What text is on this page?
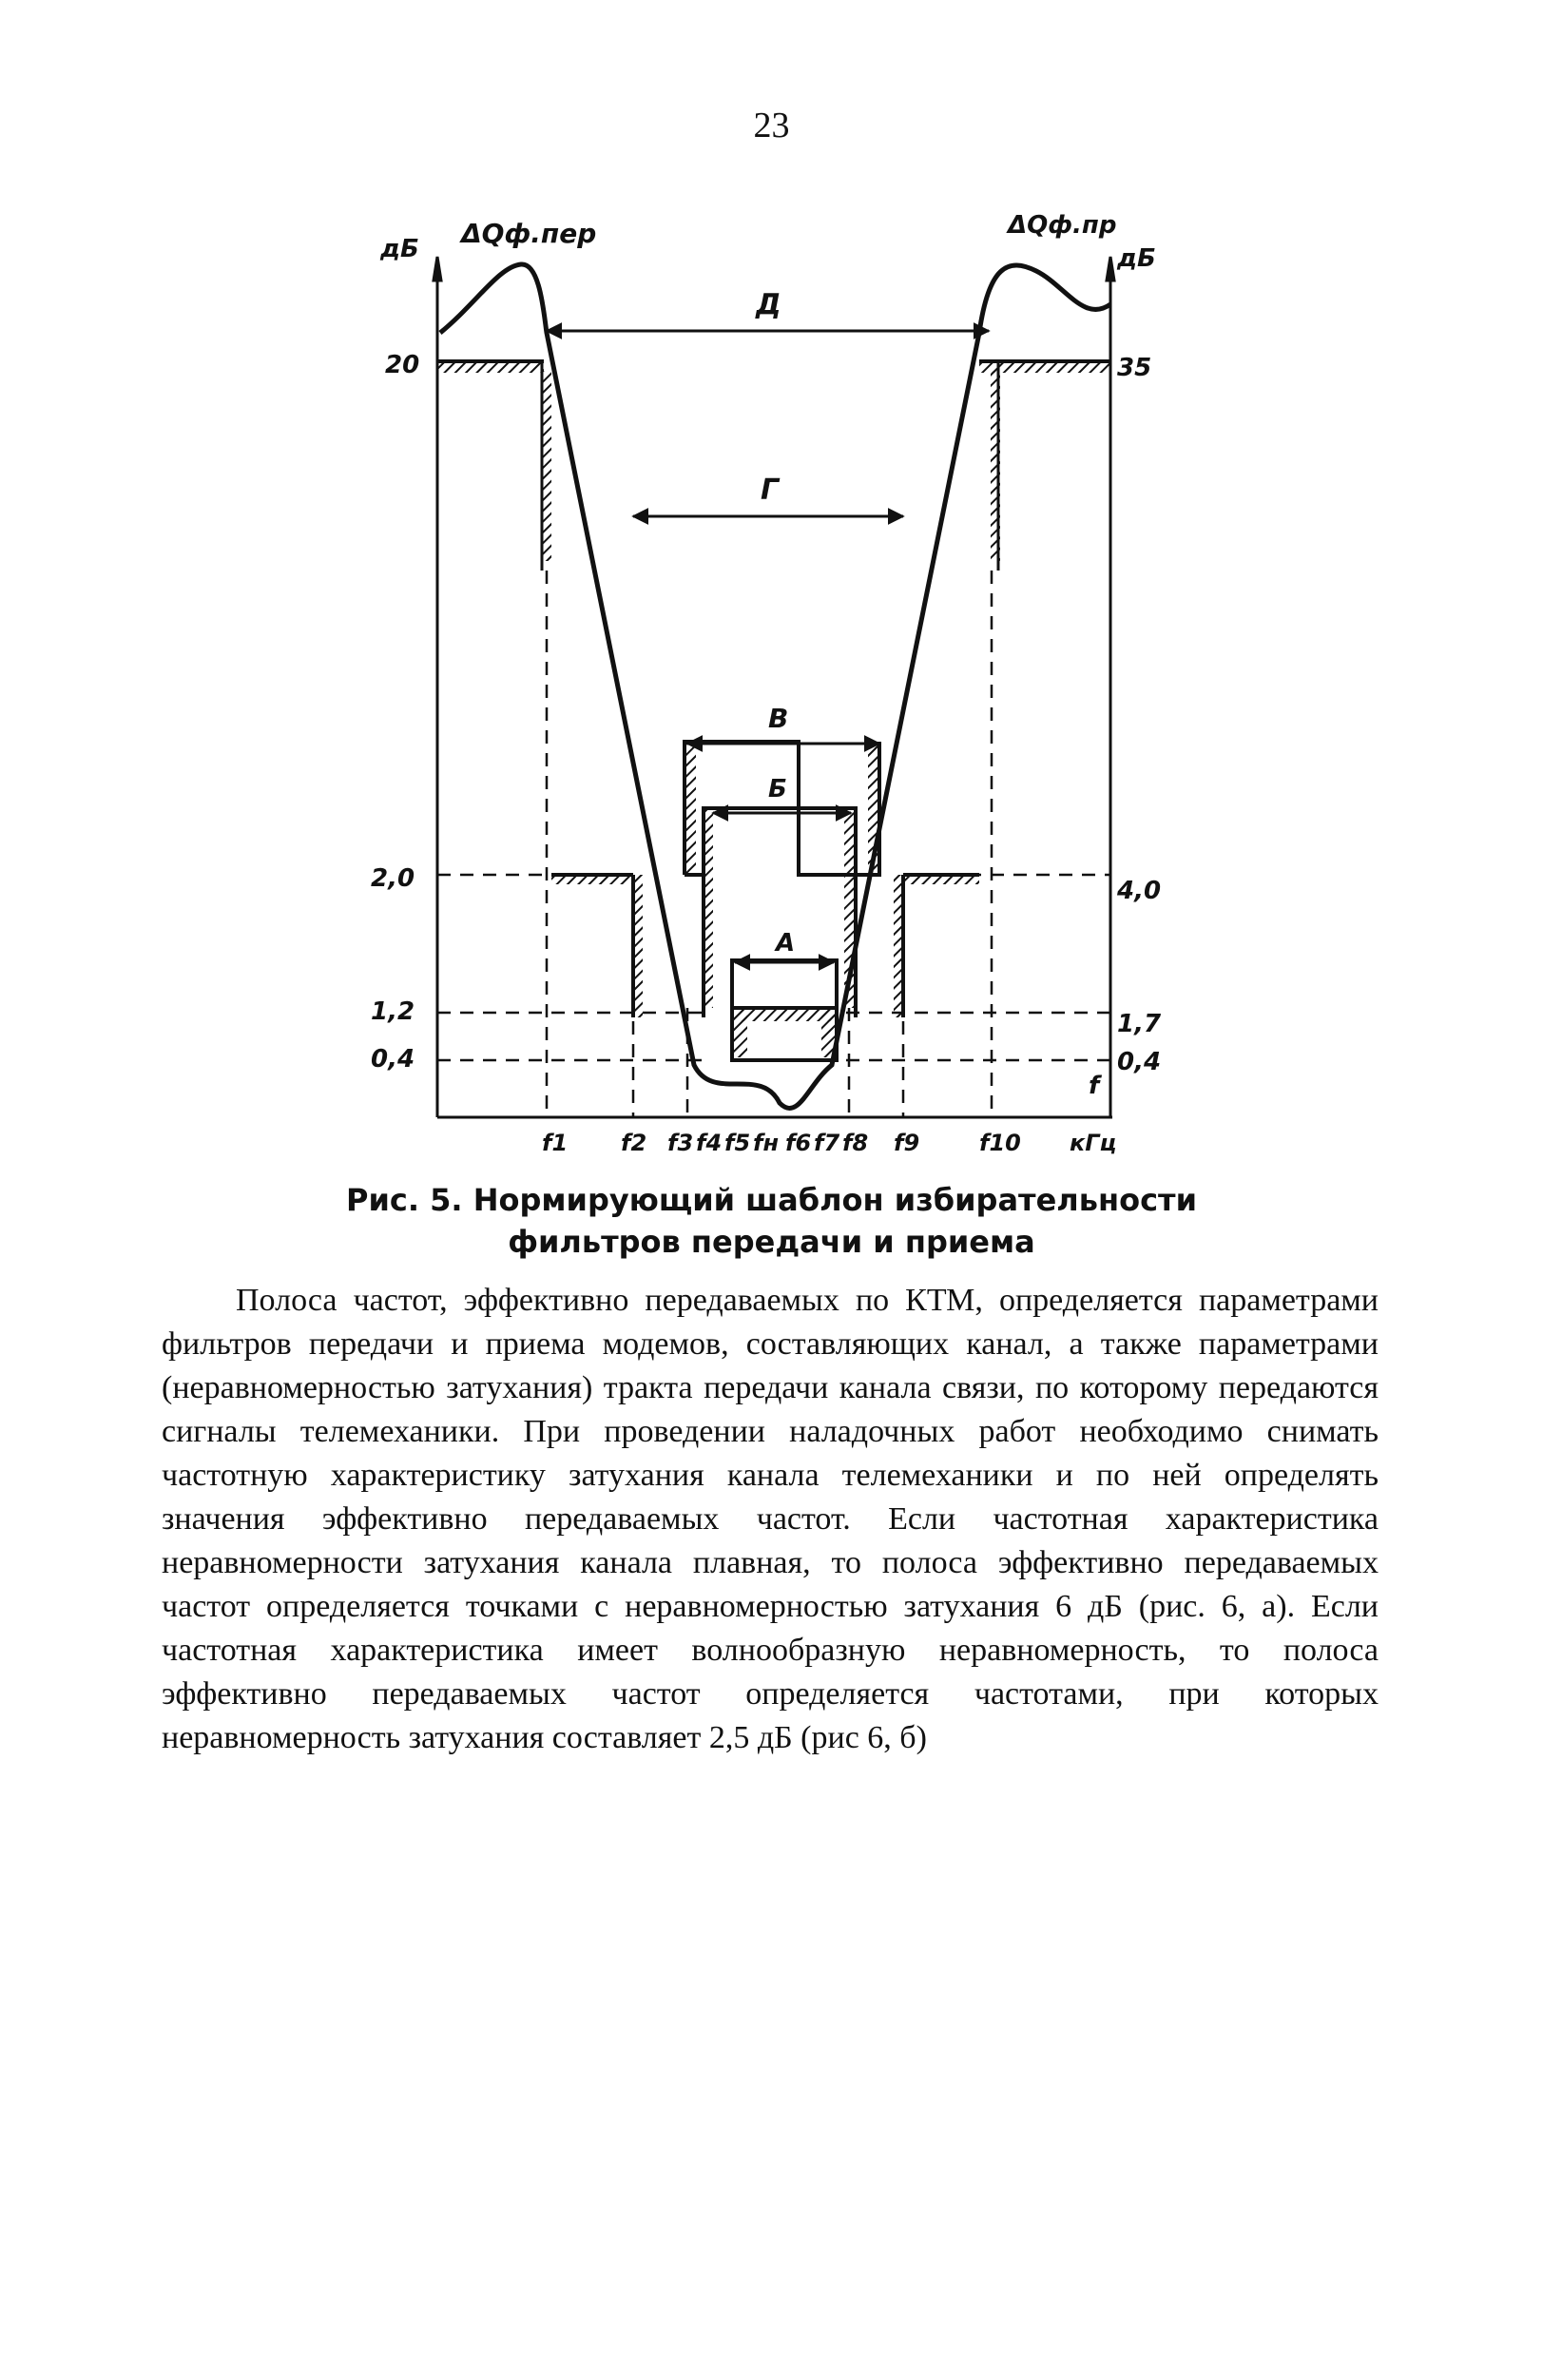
23
дБ ΔQф.пер	ΔQф.пр
дБ
20	35
Д
Г
В
Б
А
2,0	4,0
1,2	1,7
0,4	0,4
f
кГц
f1 f2 f3 f4 f5 fн f6 f7 f8 f9	f10
Рис. 5. Нормирующий шаблон избирательности
фильтров передачи и приема

Полоса частот, эффективно передаваемых по КТМ, определяется параметрами фильтров передачи и приема модемов, составляющих канал, а также параметрами (неравномерностью затухания) тракта передачи канала связи, по которому передаются сигналы телемеханики. При проведении наладочных работ необходимо снимать частотную характеристику затухания канала телемеханики и по ней определять значения эффективно передаваемых частот. Если частотная характеристика неравномерности затухания канала плавная, то полоса эффективно передаваемых частот определяется точками с неравномерностью затухания 6 дБ (рис. 6, а). Если частотная характеристика имеет волнообразную неравномерность, то полоса эффективно передаваемых частот определяется частотами, при которых неравномерность затухания составляет 2,5 дБ (рис 6, б)
